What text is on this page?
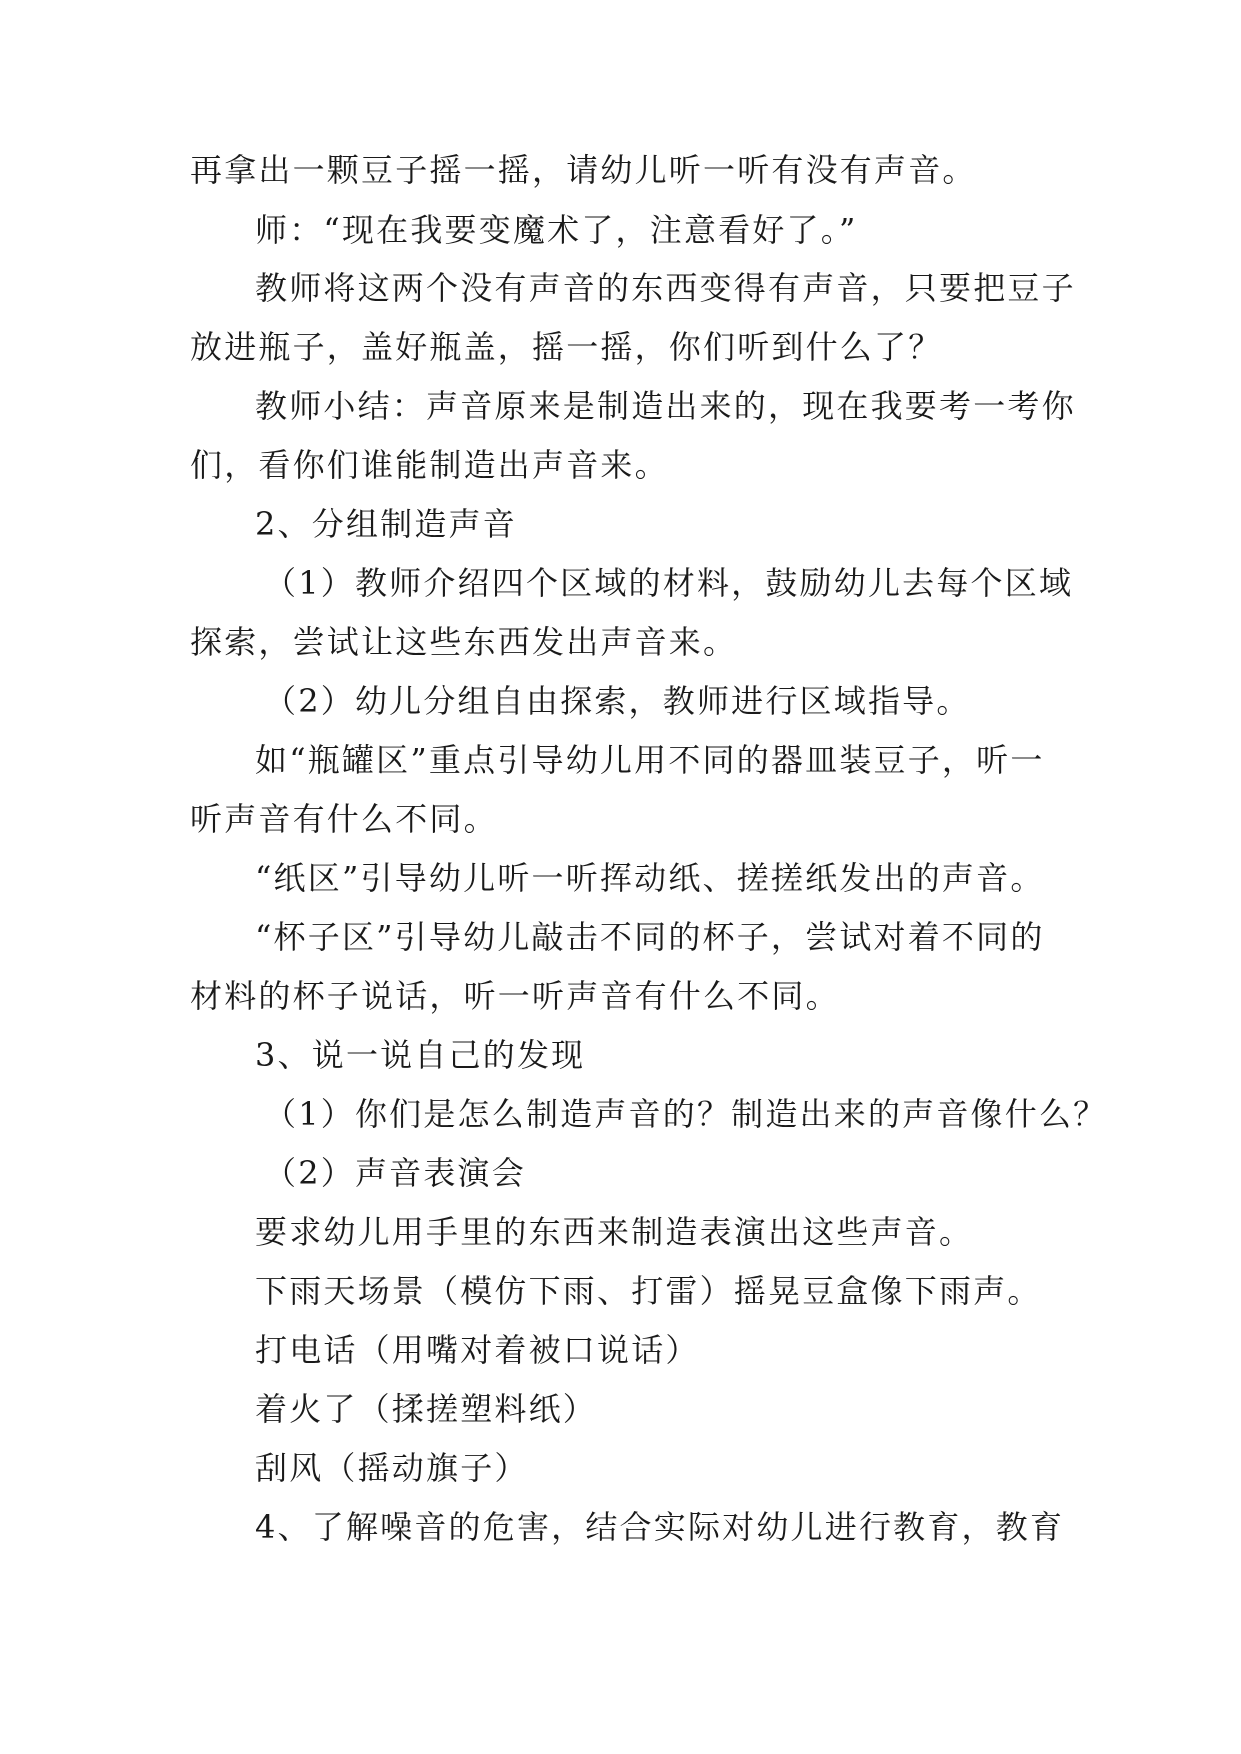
再拿出一颗豆子摇一摇，请幼儿听一听有没有声音。
师：“现在我要变魔术了，注意看好了。”
教师将这两个没有声音的东西变得有声音，只要把豆子
放进瓶子，盖好瓶盖，摇一摇，你们听到什么了？
教师小结：声音原来是制造出来的，现在我要考一考你
们，看你们谁能制造出声音来。
2、分组制造声音
（1）教师介绍四个区域的材料，鼓励幼儿去每个区域
探索，尝试让这些东西发出声音来。
（2）幼儿分组自由探索，教师进行区域指导。
如“瓶罐区”重点引导幼儿用不同的器皿装豆子，听一
听声音有什么不同。
“纸区”引导幼儿听一听挥动纸、搓搓纸发出的声音。
“杯子区”引导幼儿敲击不同的杯子，尝试对着不同的
材料的杯子说话，听一听声音有什么不同。
3、说一说自己的发现
（1）你们是怎么制造声音的？制造出来的声音像什么？
（2）声音表演会
要求幼儿用手里的东西来制造表演出这些声音。
下雨天场景（模仿下雨、打雷）摇晃豆盒像下雨声。
打电话（用嘴对着被口说话）
着火了（揉搓塑料纸）
刮风（摇动旗子）
4、了解噪音的危害，结合实际对幼儿进行教育，教育
